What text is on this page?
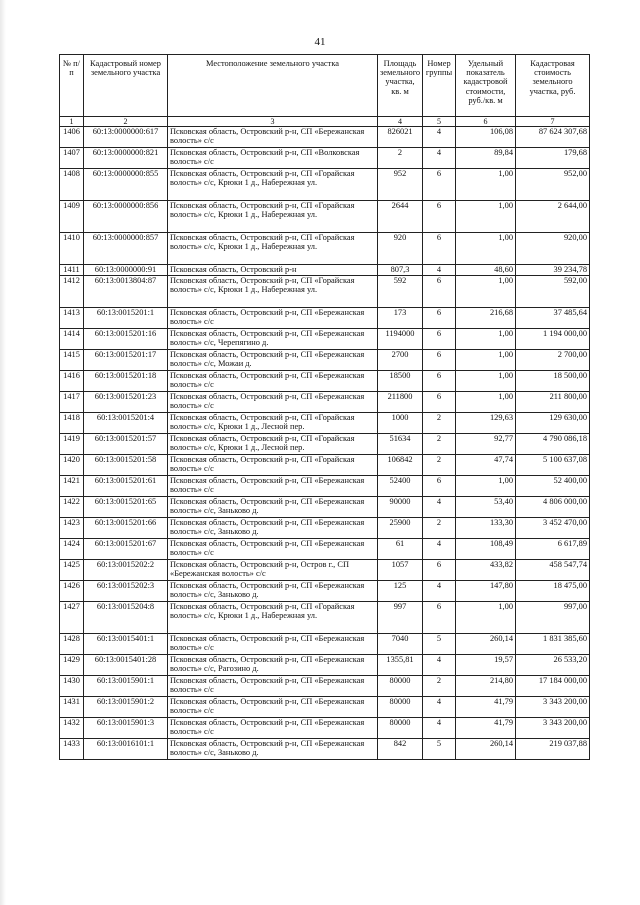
41
№ п/п	Кадастровый номер земельного участка	Местоположение земельного участка	Площадь земельного участка, кв. м	Номер группы	Удельный показатель кадастровой стоимости, руб./кв. м	Кадастровая стоимость земельного участка, руб.
1	2	3	4	5	6	7
1406	60:13:0000000:617	Псковская область, Островский р-н, СП «Бережанская волость» с/с	826021	4	106,08	87 624 307,68
1407	60:13:0000000:821	Псковская область, Островский р-н, СП «Волковская волость» с/с	2	4	89,84	179,68
1408	60:13:0000000:855	Псковская область, Островский р-н, СП «Горайская волость» с/с, Крюки 1 д., Набережная ул.	952	6	1,00	952,00
1409	60:13:0000000:856	Псковская область, Островский р-н, СП «Горайская волость» с/с, Крюки 1 д., Набережная ул.	2644	6	1,00	2 644,00
1410	60:13:0000000:857	Псковская область, Островский р-н, СП «Горайская волость» с/с, Крюки 1 д., Набережная ул.	920	6	1,00	920,00
1411	60:13:0000000:91	Псковская область, Островский р-н	807,3	4	48,60	39 234,78
1412	60:13:0013804:87	Псковская область, Островский р-н, СП «Горайская волость» с/с, Крюки 1 д., Набережная ул.	592	6	1,00	592,00
1413	60:13:0015201:1	Псковская область, Островский р-н, СП «Бережанская волость» с/с	173	6	216,68	37 485,64
1414	60:13:0015201:16	Псковская область, Островский р-н, СП «Бережанская волость» с/с, Черепягино д.	1194000	6	1,00	1 194 000,00
1415	60:13:0015201:17	Псковская область, Островский р-н, СП «Бережанская волость» с/с, Можаи д.	2700	6	1,00	2 700,00
1416	60:13:0015201:18	Псковская область, Островский р-н, СП «Бережанская волость» с/с	18500	6	1,00	18 500,00
1417	60:13:0015201:23	Псковская область, Островский р-н, СП «Бережанская волость» с/с	211800	6	1,00	211 800,00
1418	60:13:0015201:4	Псковская область, Островский р-н, СП «Горайская волость» с/с, Крюки 1 д., Лесной пер.	1000	2	129,63	129 630,00
1419	60:13:0015201:57	Псковская область, Островский р-н, СП «Горайская волость» с/с, Крюки 1 д., Лесной пер.	51634	2	92,77	4 790 086,18
1420	60:13:0015201:58	Псковская область, Островский р-н, СП «Горайская волость» с/с	106842	2	47,74	5 100 637,08
1421	60:13:0015201:61	Псковская область, Островский р-н, СП «Бережанская волость» с/с	52400	6	1,00	52 400,00
1422	60:13:0015201:65	Псковская область, Островский р-н, СП «Бережанская волость» с/с, Заньково д.	90000	4	53,40	4 806 000,00
1423	60:13:0015201:66	Псковская область, Островский р-н, СП «Бережанская волость» с/с, Заньково д.	25900	2	133,30	3 452 470,00
1424	60:13:0015201:67	Псковская область, Островский р-н, СП «Бережанская волость» с/с	61	4	108,49	6 617,89
1425	60:13:0015202:2	Псковская область, Островский р-н, Остров г., СП «Бережанская волость» с/с	1057	6	433,82	458 547,74
1426	60:13:0015202:3	Псковская область, Островский р-н, СП «Бережанская волость» с/с, Заньково д.	125	4	147,80	18 475,00
1427	60:13:0015204:8	Псковская область, Островский р-н, СП «Горайская волость» с/с, Крюки 1 д., Набережная ул.	997	6	1,00	997,00
1428	60:13:0015401:1	Псковская область, Островский р-н, СП «Бережанская волость» с/с	7040	5	260,14	1 831 385,60
1429	60:13:0015401:28	Псковская область, Островский р-н, СП «Бережанская волость» с/с, Рагозино д.	1355,81	4	19,57	26 533,20
1430	60:13:0015901:1	Псковская область, Островский р-н, СП «Бережанская волость» с/с	80000	2	214,80	17 184 000,00
1431	60:13:0015901:2	Псковская область, Островский р-н, СП «Бережанская волость» с/с	80000	4	41,79	3 343 200,00
1432	60:13:0015901:3	Псковская область, Островский р-н, СП «Бережанская волость» с/с	80000	4	41,79	3 343 200,00
1433	60:13:0016101:1	Псковская область, Островский р-н, СП «Бережанская волость» с/с, Заньково д.	842	5	260,14	219 037,88
